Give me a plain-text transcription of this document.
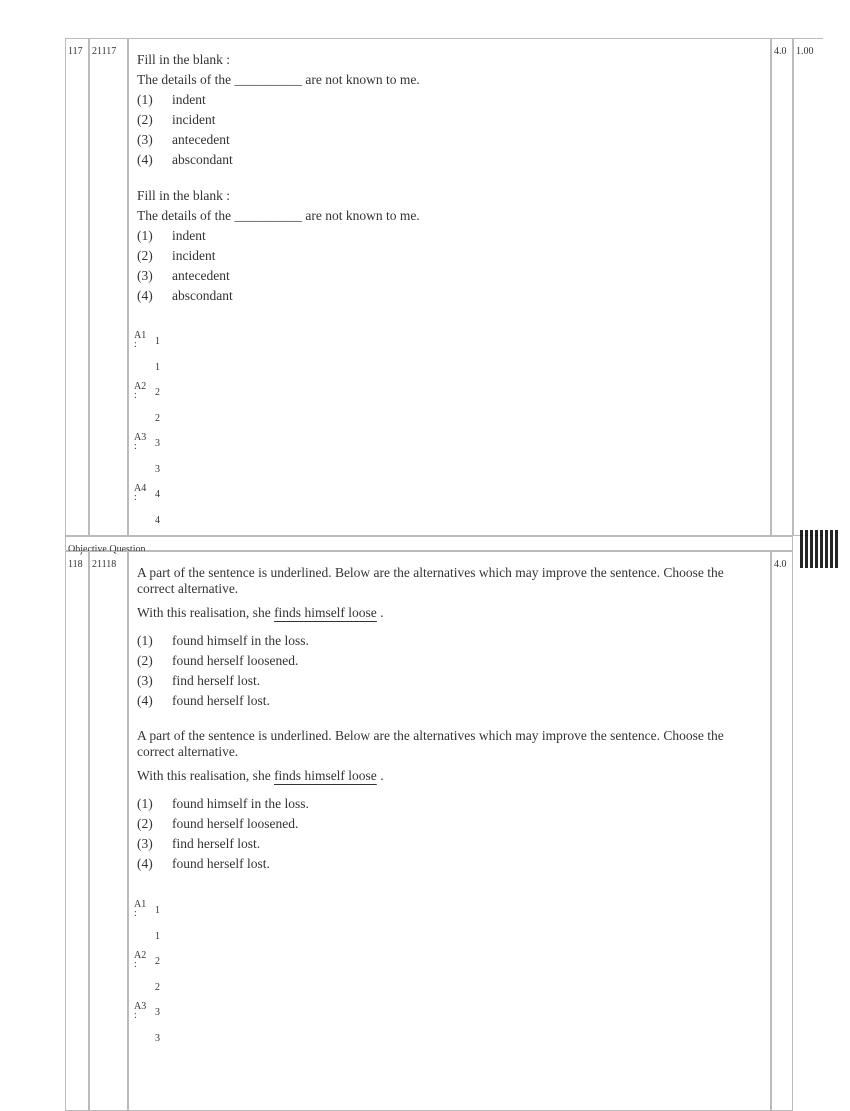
117 21117	4.0 1.00
Fill in the blank :
The details of the __________ are not known to me.
(1)	indent
(2)	incident
(3)	antecedent
(4)	abscondant
Fill in the blank :
The details of the __________ are not known to me.
(1)	indent
(2)	incident
(3)	antecedent
(4)	abscondant
A1
: 1
1
A2
: 2
2
A3
: 3
3
A4
: 4
4
Objective Question
118 21118	4.0
A part of the sentence is underlined. Below are the alternatives which may improve the sentence. Choose the correct alternative.
With this realisation, she finds himself loose .
(1)	found himself in the loss.
(2)	found herself loosened.
(3)	find herself lost.
(4)	found herself lost.
A part of the sentence is underlined. Below are the alternatives which may improve the sentence. Choose the correct alternative.
With this realisation, she finds himself loose .
(1)	found himself in the loss.
(2)	found herself loosened.
(3)	find herself lost.
(4)	found herself lost.
A1
: 1
1
A2
: 2
2
A3
: 3
3
